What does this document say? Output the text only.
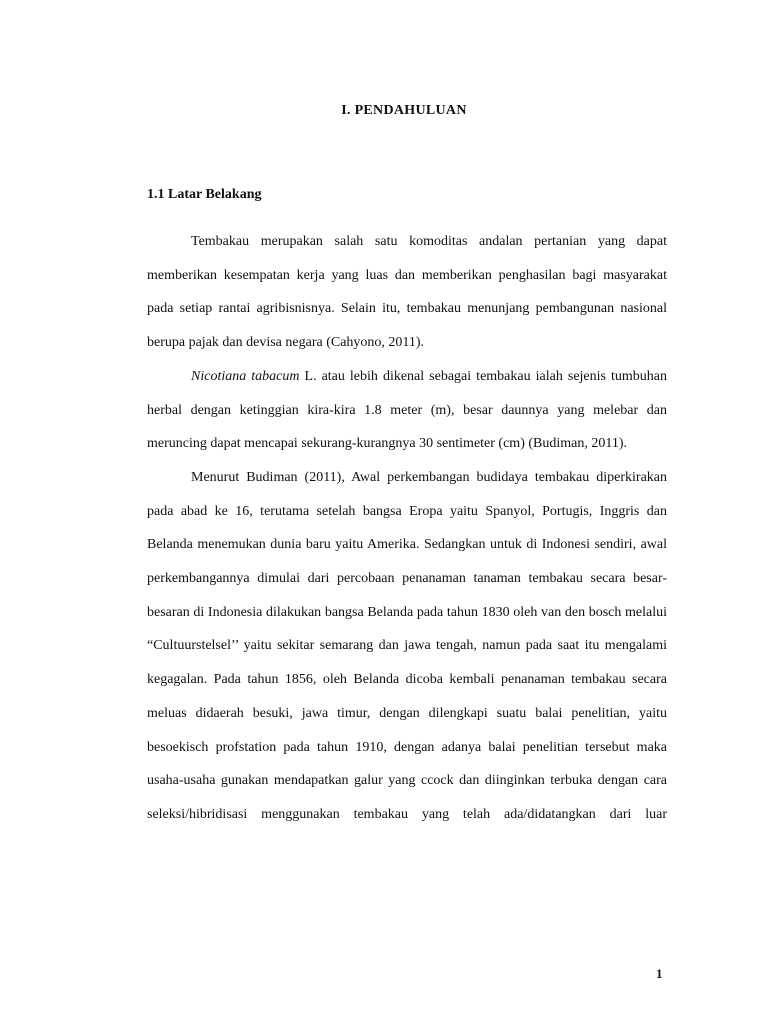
I. PENDAHULUAN
1.1 Latar Belakang

Tembakau merupakan salah satu komoditas andalan pertanian yang dapat memberikan kesempatan kerja yang luas dan memberikan penghasilan bagi masyarakat pada setiap rantai agribisnisnya. Selain itu, tembakau menunjang pembangunan nasional berupa pajak dan devisa negara (Cahyono, 2011).

Nicotiana tabacum L. atau lebih dikenal sebagai tembakau ialah sejenis tumbuhan herbal dengan ketinggian kira-kira 1.8 meter (m), besar daunnya yang melebar dan meruncing dapat mencapai sekurang-kurangnya 30 sentimeter (cm) (Budiman, 2011).

Menurut Budiman (2011), Awal perkembangan budidaya tembakau diperkirakan pada abad ke 16, terutama setelah bangsa Eropa yaitu Spanyol, Portugis, Inggris dan Belanda menemukan dunia baru yaitu Amerika. Sedangkan untuk di Indonesi sendiri, awal perkembangannya dimulai dari percobaan penanaman tanaman tembakau secara besar-besaran di Indonesia dilakukan bangsa Belanda pada tahun 1830 oleh van den bosch melalui “Cultuurstelsel’’ yaitu sekitar semarang dan jawa tengah, namun pada saat itu mengalami kegagalan. Pada tahun 1856, oleh Belanda dicoba kembali penanaman tembakau secara meluas didaerah besuki, jawa timur, dengan dilengkapi suatu balai penelitian, yaitu besoekisch profstation pada tahun 1910, dengan adanya balai penelitian tersebut maka usaha-usaha gunakan mendapatkan galur yang ccock dan diinginkan terbuka dengan cara seleksi/hibridisasi menggunakan tembakau yang telah ada/didatangkan dari luar

1
